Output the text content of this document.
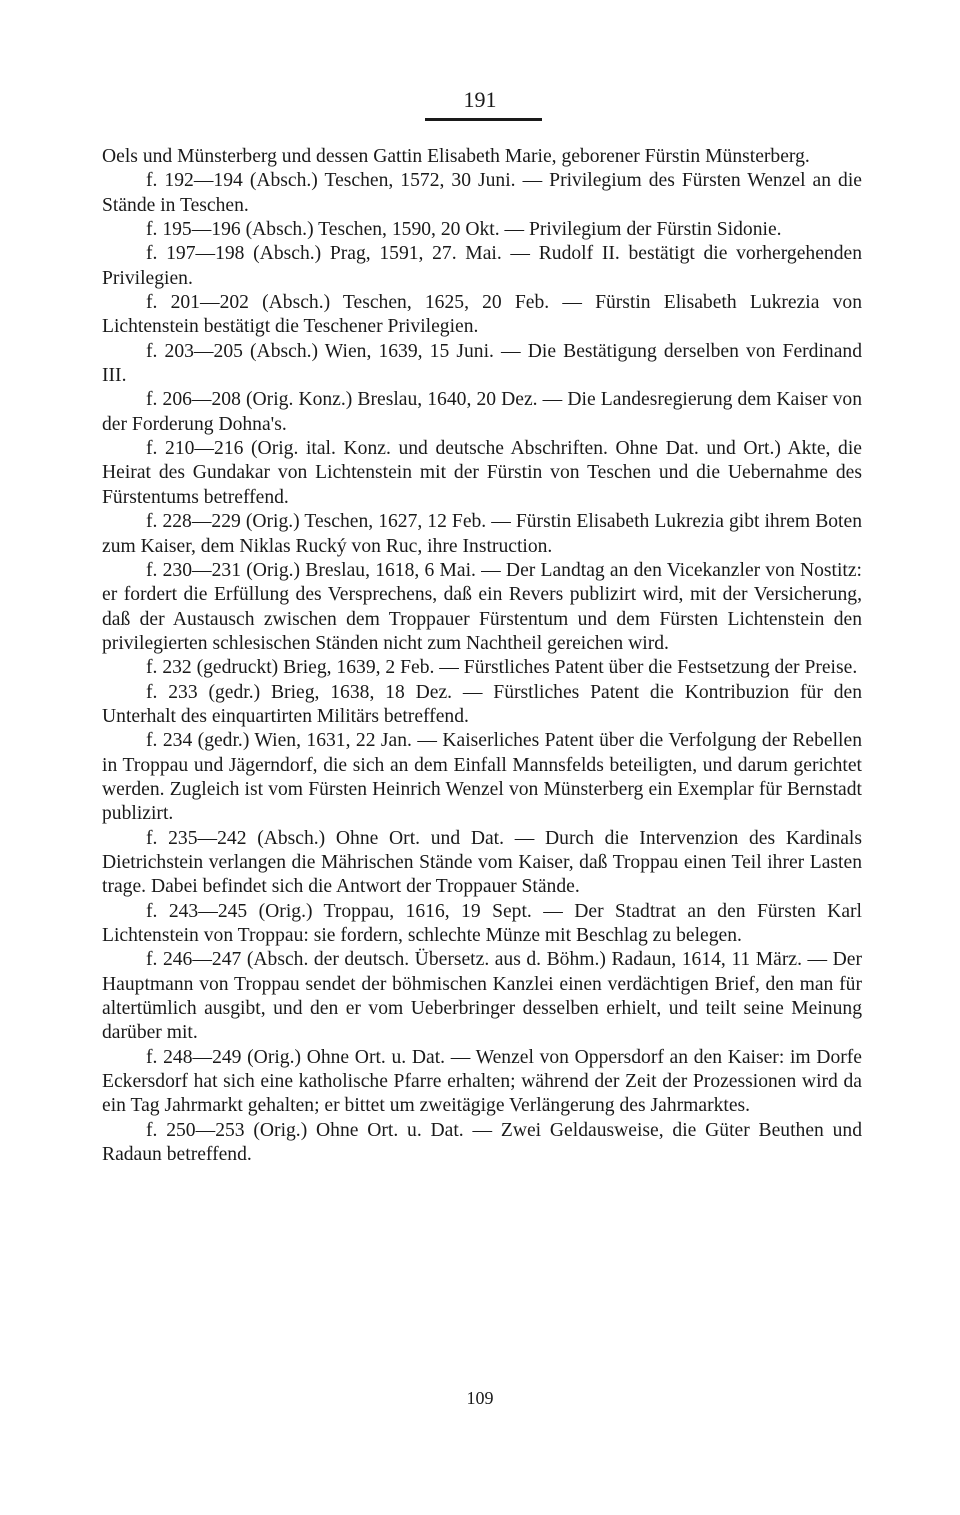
191

Oels und Münsterberg und dessen Gattin Elisabeth Marie, geborener Fürstin Münsterberg.

f. 192—194 (Absch.) Teschen, 1572, 30 Juni. — Privilegium des Fürsten Wenzel an die Stände in Teschen.

f. 195—196 (Absch.) Teschen, 1590, 20 Okt. — Privilegium der Fürstin Sidonie.

f. 197—198 (Absch.) Prag, 1591, 27. Mai. — Rudolf II. bestätigt die vorhergehenden Privilegien.

f. 201—202 (Absch.) Teschen, 1625, 20 Feb. — Fürstin Elisabeth Lukrezia von Lichtenstein bestätigt die Teschener Privilegien.

f. 203—205 (Absch.) Wien, 1639, 15 Juni. — Die Bestätigung derselben von Ferdinand III.

f. 206—208 (Orig. Konz.) Breslau, 1640, 20 Dez. — Die Landesregierung dem Kaiser von der Forderung Dohna's.

f. 210—216 (Orig. ital. Konz. und deutsche Abschriften. Ohne Dat. und Ort.) Akte, die Heirat des Gundakar von Lichtenstein mit der Fürstin von Teschen und die Uebernahme des Fürstentums betreffend.

f. 228—229 (Orig.) Teschen, 1627, 12 Feb. — Fürstin Elisabeth Lukrezia gibt ihrem Boten zum Kaiser, dem Niklas Rucký von Ruc, ihre Instruction.

f. 230—231 (Orig.) Breslau, 1618, 6 Mai. — Der Landtag an den Vicekanzler von Nostitz: er fordert die Erfüllung des Versprechens, daß ein Revers publizirt wird, mit der Versicherung, daß der Austausch zwischen dem Troppauer Fürstentum und dem Fürsten Lichtenstein den privilegierten schlesischen Ständen nicht zum Nachtheil gereichen wird.

f. 232 (gedruckt) Brieg, 1639, 2 Feb. — Fürstliches Patent über die Festsetzung der Preise.

f. 233 (gedr.) Brieg, 1638, 18 Dez. — Fürstliches Patent die Kontribuzion für den Unterhalt des einquartirten Militärs betreffend.

f. 234 (gedr.) Wien, 1631, 22 Jan. — Kaiserliches Patent über die Verfolgung der Rebellen in Troppau und Jägerndorf, die sich an dem Einfall Mannsfelds beteiligten, und darum gerichtet werden. Zugleich ist vom Fürsten Heinrich Wenzel von Münsterberg ein Exemplar für Bernstadt publizirt.

f. 235—242 (Absch.) Ohne Ort. und Dat. — Durch die Intervenzion des Kardinals Dietrichstein verlangen die Mährischen Stände vom Kaiser, daß Troppau einen Teil ihrer Lasten trage. Dabei befindet sich die Antwort der Troppauer Stände.

f. 243—245 (Orig.) Troppau, 1616, 19 Sept. — Der Stadtrat an den Fürsten Karl Lichtenstein von Troppau: sie fordern, schlechte Münze mit Beschlag zu belegen.

f. 246—247 (Absch. der deutsch. Übersetz. aus d. Böhm.) Radaun, 1614, 11 März. — Der Hauptmann von Troppau sendet der böhmischen Kanzlei einen verdächtigen Brief, den man für altertümlich ausgibt, und den er vom Ueberbringer desselben erhielt, und teilt seine Meinung darüber mit.

f. 248—249 (Orig.) Ohne Ort. u. Dat. — Wenzel von Oppersdorf an den Kaiser: im Dorfe Eckersdorf hat sich eine katholische Pfarre erhalten; während der Zeit der Prozessionen wird da ein Tag Jahrmarkt gehalten; er bittet um zweitägige Verlängerung des Jahrmarktes.

f. 250—253 (Orig.) Ohne Ort. u. Dat. — Zwei Geldausweise, die Güter Beuthen und Radaun betreffend.

109
